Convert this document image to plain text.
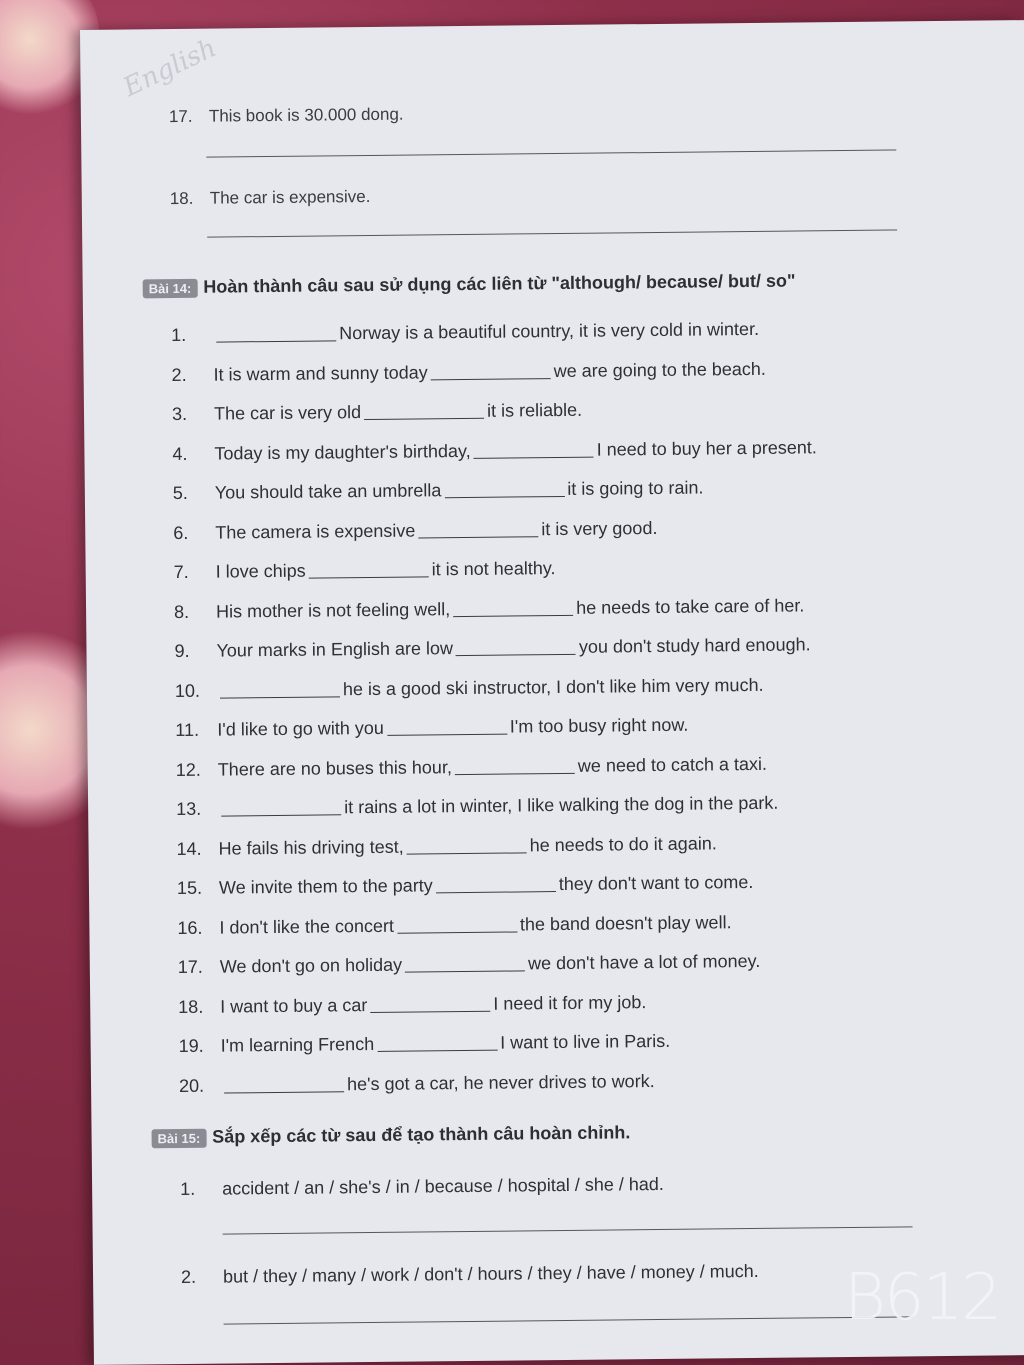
English
17. This book is 30.000 dong.
18. The car is expensive.
Bài 14: Hoàn thành câu sau sử dụng các liên từ "although/ because/ but/ so"
1.	Norway is a beautiful country, it is very cold in winter.
2. It is warm and sunny today	we are going to the beach.
3. The car is very old	it is reliable.
4. Today is my daughter's birthday,	I need to buy her a present.
5. You should take an umbrella	it is going to rain.
6. The camera is expensive	it is very good.
7. I love chips	it is not healthy.
8. His mother is not feeling well,	he needs to take care of her.
9. Your marks in English are low	you don't study hard enough.
10.	he is a good ski instructor, I don't like him very much.
11. I'd like to go with you	I'm too busy right now.
12. There are no buses this hour,	we need to catch a taxi.
13.	it rains a lot in winter, I like walking the dog in the park.
14. He fails his driving test,	he needs to do it again.
15. We invite them to the party	they don't want to come.
16. I don't like the concert	the band doesn't play well.
17. We don't go on holiday	we don't have a lot of money.
18. I want to buy a car	I need it for my job.
19. I'm learning French	I want to live in Paris.
20.	he's got a car, he never drives to work.
Bài 15: Sắp xếp các từ sau để tạo thành câu hoàn chỉnh.
1. accident / an / she's / in / because / hospital / she / had.
2. but / they / many / work / don't / hours / they / have / money / much. B612
